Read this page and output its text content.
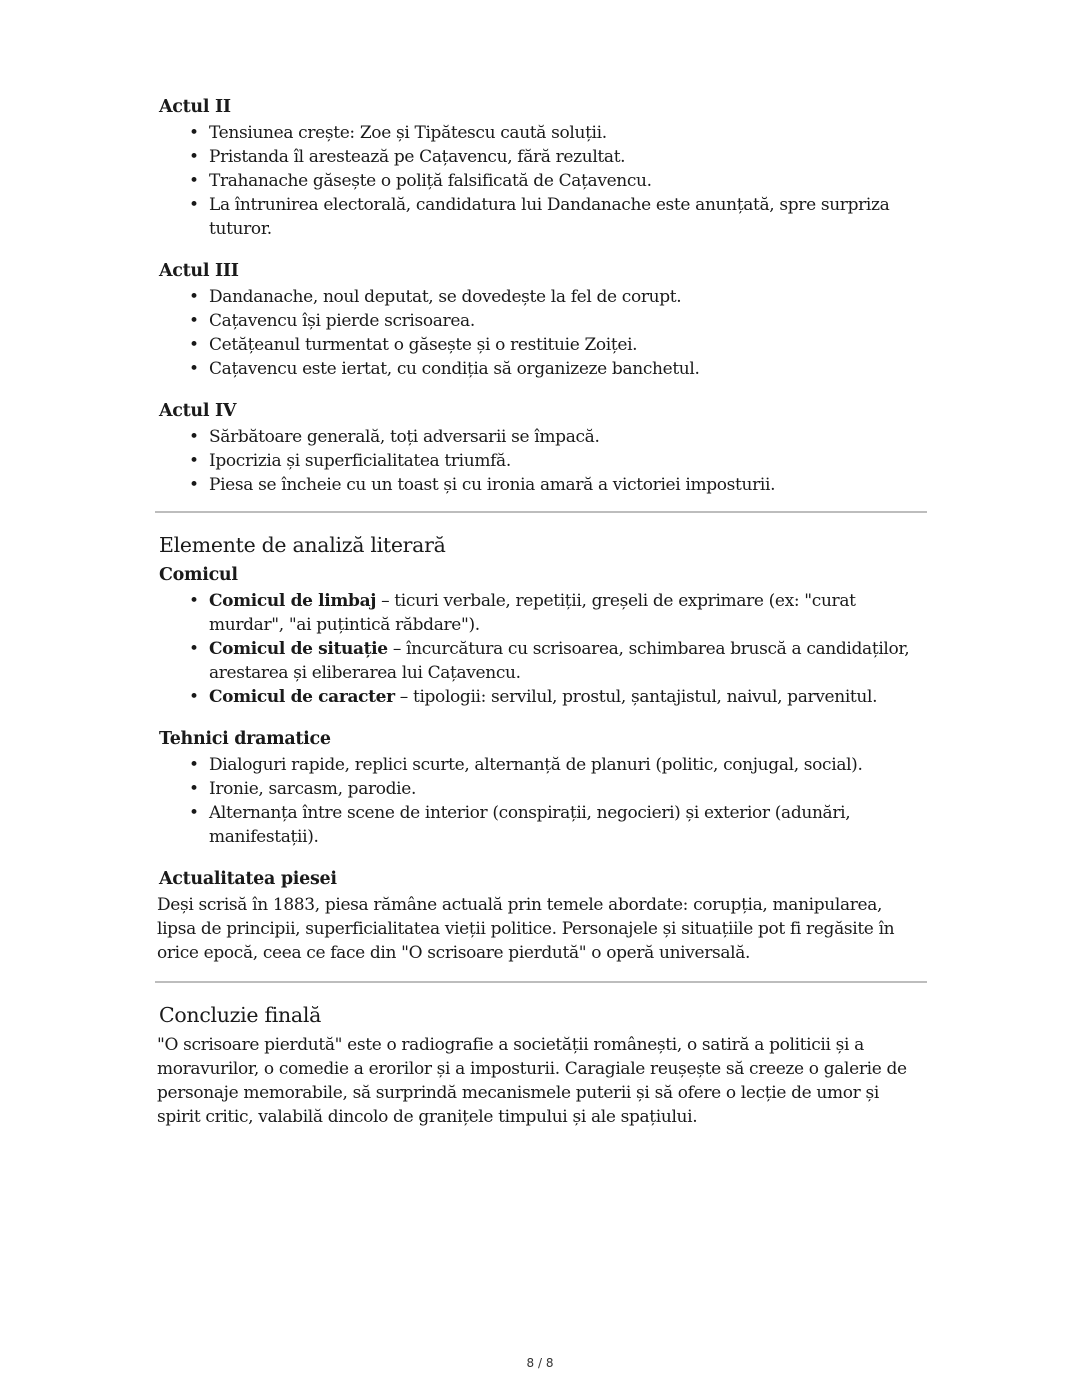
Actul II
• Tensiunea crește: Zoe și Tipătescu caută soluții.
• Pristanda îl arestează pe Cațavencu, fără rezultat.
• Trahanache găsește o poliță falsificată de Cațavencu.
• La întrunirea electorală, candidatura lui Dandanache este anunțată, spre surpriza tuturor.
Actul III
• Dandanache, noul deputat, se dovedește la fel de corupt.
• Cațavencu își pierde scrisoarea.
• Cetățeanul turmentat o găsește și o restituie Zoiței.
• Cațavencu este iertat, cu condiția să organizeze banchetul.
Actul IV
• Sărbătoare generală, toți adversarii se împacă.
• Ipocrizia și superficialitatea triumfă.
• Piesa se încheie cu un toast și cu ironia amară a victoriei imposturii.
Elemente de analiză literară
Comicul
• Comicul de limbaj – ticuri verbale, repetiții, greșeli de exprimare (ex: "curat murdar", "ai puțintică răbdare").
• Comicul de situație – încurcătura cu scrisoarea, schimbarea bruscă a candidaților, arestarea și eliberarea lui Cațavencu.
• Comicul de caracter – tipologii: servilul, prostul, șantajistul, naivul, parvenitul.
Tehnici dramatice
• Dialoguri rapide, replici scurte, alternanță de planuri (politic, conjugal, social).
• Ironie, sarcasm, parodie.
• Alternanța între scene de interior (conspirații, negocieri) și exterior (adunări, manifestații).
Actualitatea piesei

Deși scrisă în 1883, piesa rămâne actuală prin temele abordate: corupția, manipularea, lipsa de principii, superficialitatea vieții politice. Personajele și situațiile pot fi regăsite în orice epocă, ceea ce face din "O scrisoare pierdută" o operă universală.

Concluzie finală

"O scrisoare pierdută" este o radiografie a societății românești, o satiră a politicii și a moravurilor, o comedie a erorilor și a imposturii. Caragiale reușește să creeze o galerie de personaje memorabile, să surprindă mecanismele puterii și să ofere o lecție de umor și spirit critic, valabilă dincolo de granițele timpului și ale spațiului.

8 / 8
